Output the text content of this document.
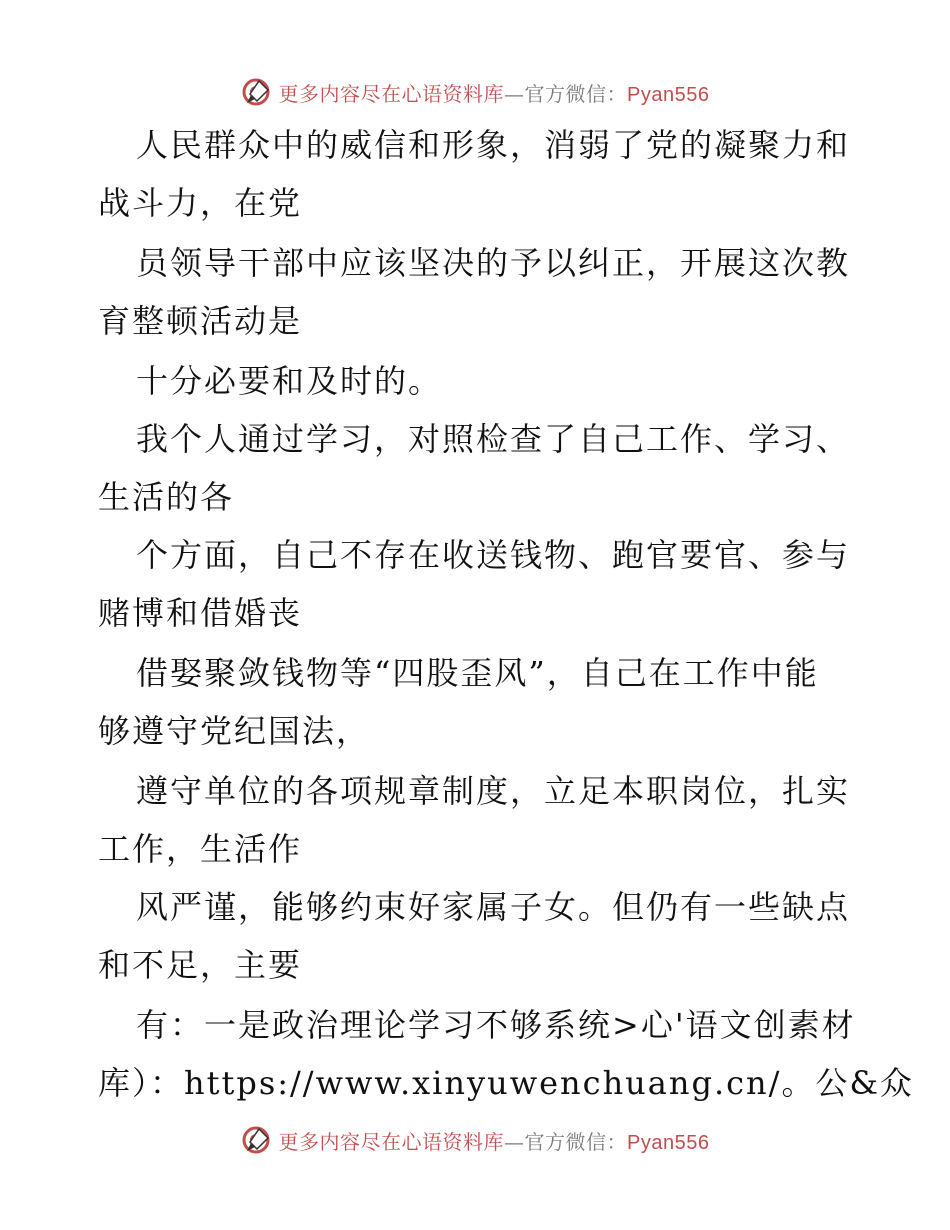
更多内容尽在心语资料库—官方微信：Pyan556
人民群众中的威信和形象，消弱了党的凝聚力和
战斗力，在党
员领导干部中应该坚决的予以纠正，开展这次教
育整顿活动是
十分必要和及时的。
我个人通过学习，对照检查了自己工作、学习、
生活的各
个方面，自己不存在收送钱物、跑官要官、参与
赌博和借婚丧
借娶聚敛钱物等“四股歪风”，自己在工作中能
够遵守党纪国法，
遵守单位的各项规章制度，立足本职岗位，扎实
工作，生活作
风严谨，能够约束好家属子女。但仍有一些缺点
和不足，主要
有：一是政治理论学习不够系统>心'语文创素材
库）：https://www.xinyuwenchuang.cn/。公&众
更多内容尽在心语资料库—官方微信：Pyan556
